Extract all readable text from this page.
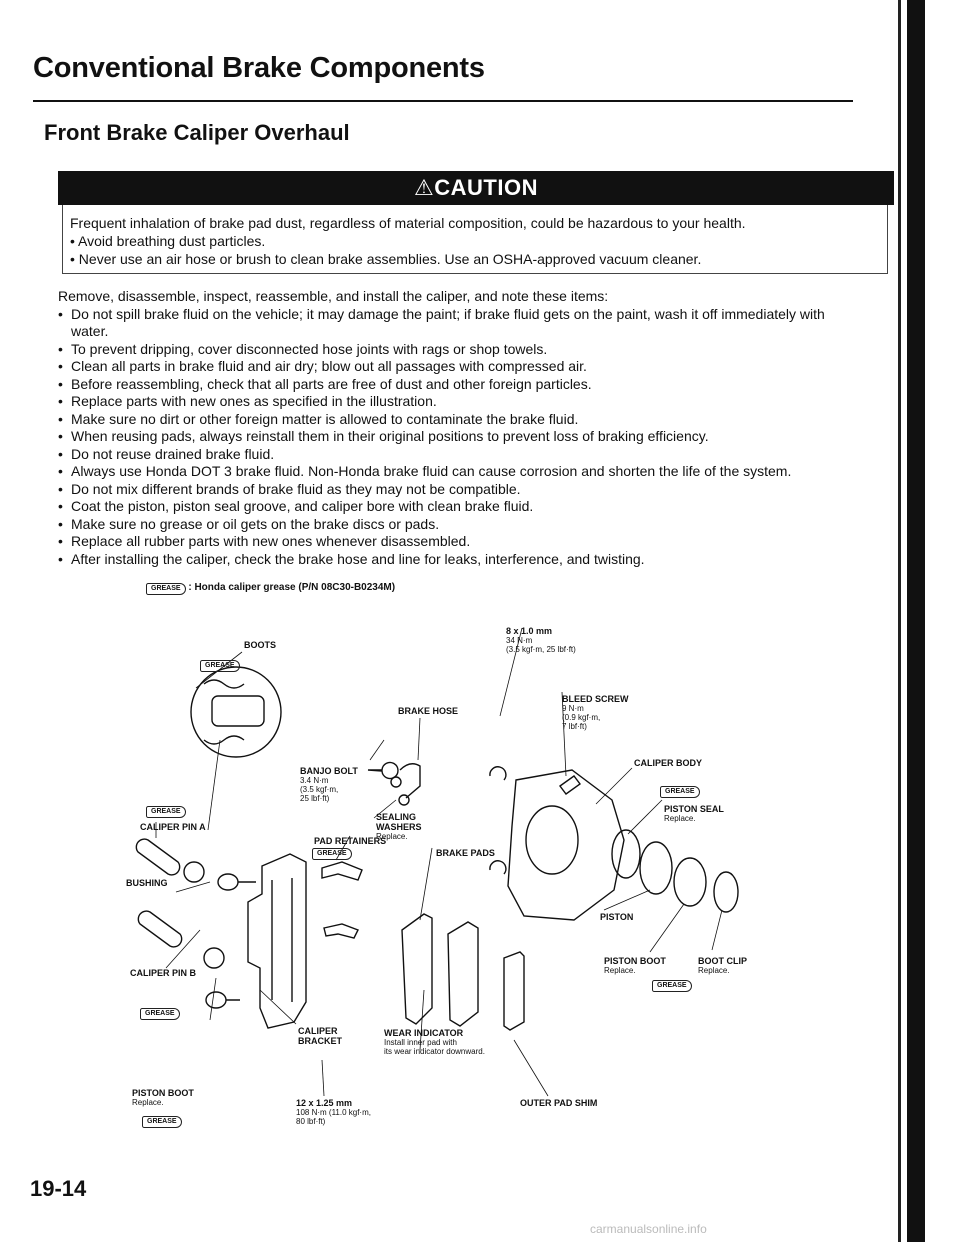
Conventional Brake Components
Front Brake Caliper Overhaul
⚠CAUTION
Frequent inhalation of brake pad dust, regardless of material composition, could be hazardous to your health.
• Avoid breathing dust particles.
• Never use an air hose or brush to clean brake assemblies. Use an OSHA-approved vacuum cleaner.
Remove, disassemble, inspect, reassemble, and install the caliper, and note these items:
• Do not spill brake fluid on the vehicle; it may damage the paint; if brake fluid gets on the paint, wash it off immediately with water.
• To prevent dripping, cover disconnected hose joints with rags or shop towels.
• Clean all parts in brake fluid and air dry; blow out all passages with compressed air.
• Before reassembling, check that all parts are free of dust and other foreign particles.
• Replace parts with new ones as specified in the illustration.
• Make sure no dirt or other foreign matter is allowed to contaminate the brake fluid.
• When reusing pads, always reinstall them in their original positions to prevent loss of braking efficiency.
• Do not reuse drained brake fluid.
• Always use Honda DOT 3 brake fluid. Non-Honda brake fluid can cause corrosion and shorten the life of the system.
• Do not mix different brands of brake fluid as they may not be compatible.
• Coat the piston, piston seal groove, and caliper bore with clean brake fluid.
• Make sure no grease or oil gets on the brake discs or pads.
• Replace all rubber parts with new ones whenever disassembled.
• After installing the caliper, check the brake hose and line for leaks, interference, and twisting.
GREASE : Honda caliper grease (P/N 08C30-B0234M)
GREASE
GREASE
GREASE
GREASE
GREASE
GREASE
GREASE
BOOTS
CALIPER PIN A
BUSHING
CALIPER PIN B
PISTON BOOT
Replace.
BANJO BOLT
3.4 N·m
(3.5 kgf·m,
25 lbf·ft)
BRAKE HOSE
SEALING
WASHERS
Replace.
PAD RETAINERS
8 x 1.0 mm
34 N·m
(3.5 kgf·m, 25 lbf·ft)
BLEED SCREW
9 N·m
(0.9 kgf·m,
7 lbf·ft)
CALIPER BODY
PISTON SEAL
Replace.
BRAKE PADS
PISTON
PISTON BOOT
Replace.
BOOT CLIP
Replace.
CALIPER
BRACKET
12 x 1.25 mm
108 N·m (11.0 kgf·m,
80 lbf·ft)
WEAR INDICATOR
Install inner pad with
its wear indicator downward.
OUTER PAD SHIM
19-14
carmanualsonline.info
